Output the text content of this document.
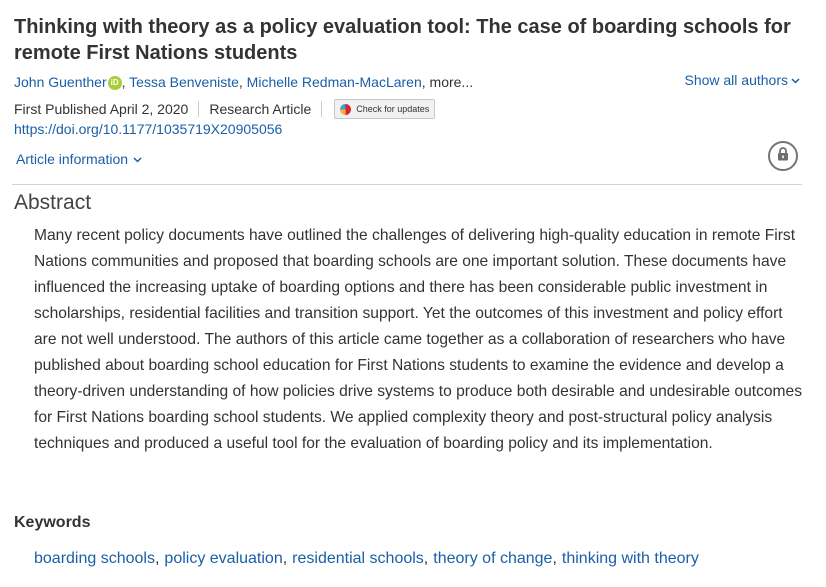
Thinking with theory as a policy evaluation tool: The case of boarding schools for remote First Nations students
John Guenther iD , Tessa Benveniste, Michelle Redman-MacLaren, more...	Show all authors
First Published April 2, 2020 Research Article	Check for updates
https://doi.org/10.1177/1035719X20905056
Article information
Abstract

Many recent policy documents have outlined the challenges of delivering high-quality education in remote First Nations communities and proposed that boarding schools are one important solution. These documents have influenced the increasing uptake of boarding options and there has been considerable public investment in scholarships, residential facilities and transition support. Yet the outcomes of this investment and policy effort are not well understood. The authors of this article came together as a collaboration of researchers who have published about boarding school education for First Nations students to examine the evidence and develop a theory-driven understanding of how policies drive systems to produce both desirable and undesirable outcomes for First Nations boarding school students. We applied complexity theory and post-structural policy analysis techniques and produced a useful tool for the evaluation of boarding policy and its implementation.

Keywords
boarding schools, policy evaluation, residential schools, theory of change, thinking with theory
